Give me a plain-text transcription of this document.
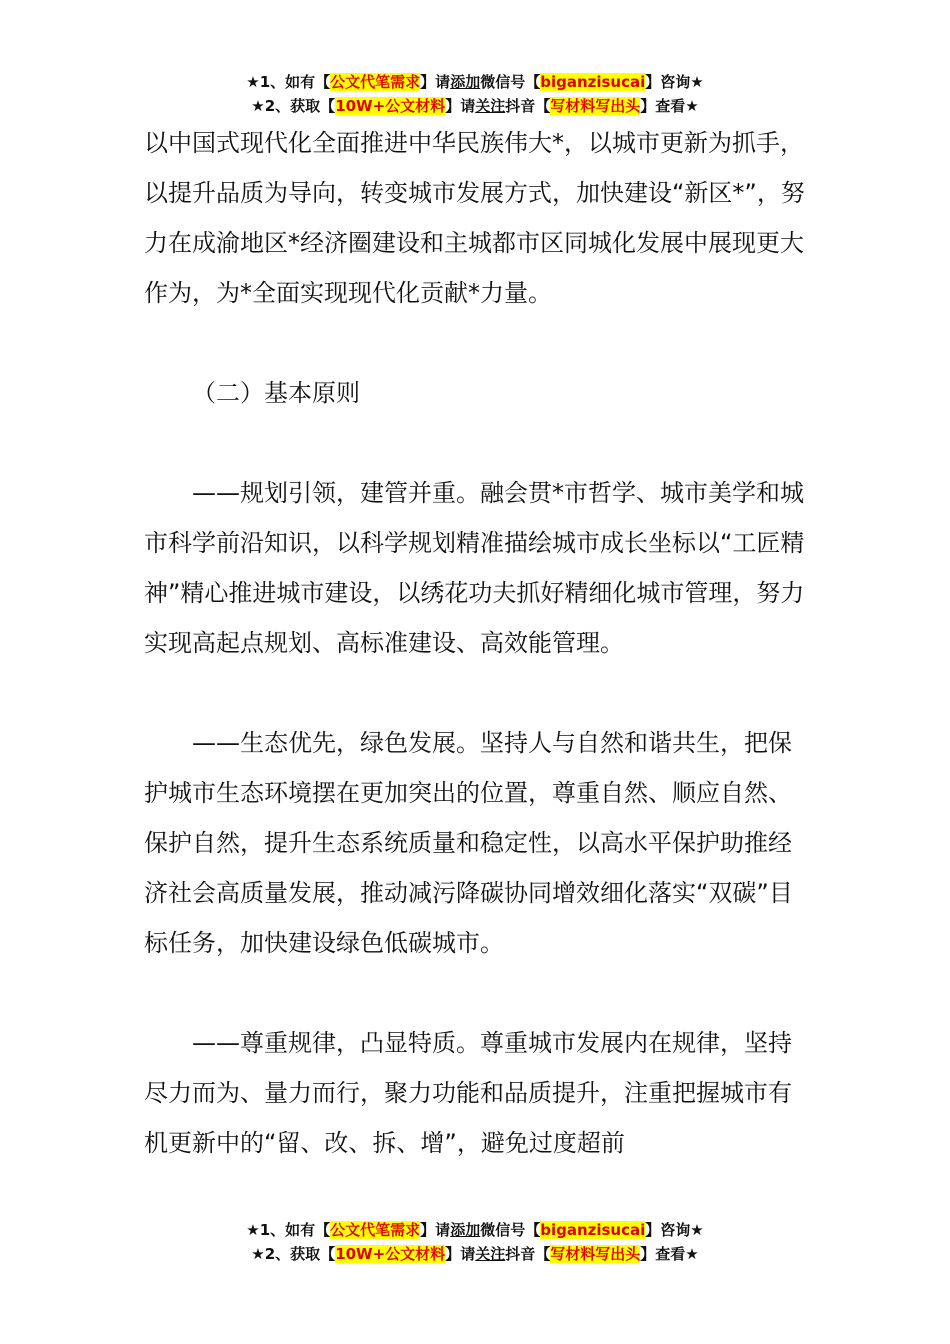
★1、如有【公文代笔需求】请添加微信号【biganzisucai】咨询★
★2、获取【10W+公文材料】请关注抖音【写材料写出头】查看★

以中国式现代化全面推进中华民族伟大*，以城市更新为抓手，以提升品质为导向，转变城市发展方式，加快建设“新区*”，努力在成渝地区*经济圈建设和主城都市区同城化发展中展现更大作为，为*全面实现现代化贡献*力量。

（二）基本原则

——规划引领，建管并重。融会贯*市哲学、城市美学和城市科学前沿知识，以科学规划精准描绘城市成长坐标以“工匠精神”精心推进城市建设，以绣花功夫抓好精细化城市管理，努力实现高起点规划、高标准建设、高效能管理。

——生态优先，绿色发展。坚持人与自然和谐共生，把保护城市生态环境摆在更加突出的位置，尊重自然、顺应自然、保护自然，提升生态系统质量和稳定性，以高水平保护助推经济社会高质量发展，推动减污降碳协同增效细化落实“双碳”目标任务，加快建设绿色低碳城市。

——尊重规律，凸显特质。尊重城市发展内在规律，坚持尽力而为、量力而行，聚力功能和品质提升，注重把握城市有机更新中的“留、改、拆、增”，避免过度超前

★1、如有【公文代笔需求】请添加微信号【biganzisucai】咨询★
★2、获取【10W+公文材料】请关注抖音【写材料写出头】查看★
